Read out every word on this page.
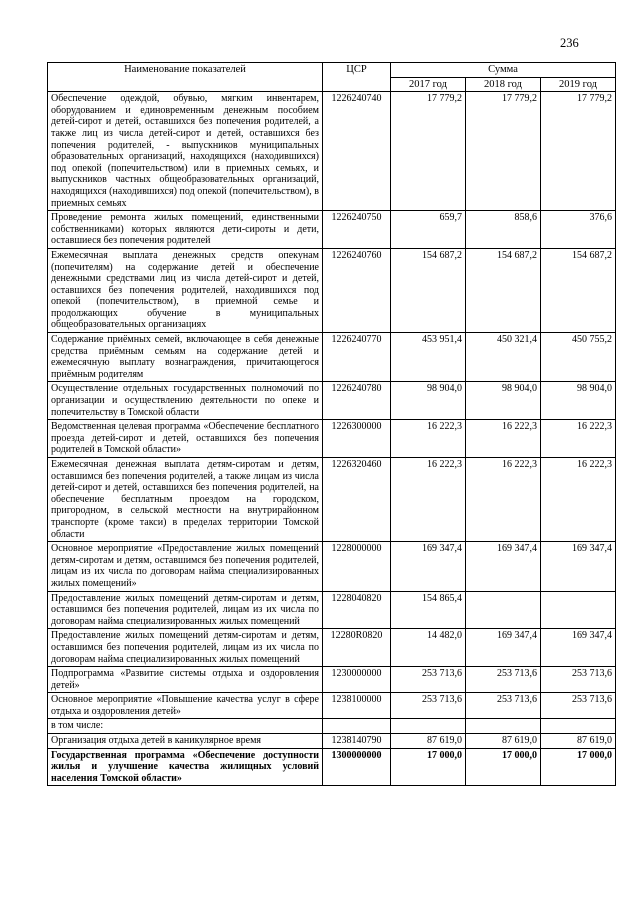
236
Наименование показателей	ЦСР	Сумма		
		2017 год	2018 год	2019 год
Обеспечение одеждой, обувью, мягким инвентарем, оборудованием и единовременным денежным пособием детей-сирот и детей, оставшихся без попечения родителей, а также лиц из числа детей-сирот и детей, оставшихся без попечения родителей, - выпускников муниципальных образовательных организаций, находящихся (находившихся) под опекой (попечительством) или в приемных семьях, и выпускников частных общеобразовательных организаций, находящихся (находившихся) под опекой (попечительством), в приемных семьях	1226240740	17 779,2	17 779,2	17 779,2
Проведение ремонта жилых помещений, единственными собственниками) которых являются дети-сироты и дети, оставшиеся без попечения родителей	1226240750	659,7	858,6	376,6
Ежемесячная выплата денежных средств опекунам (попечителям) на содержание детей и обеспечение денежными средствами лиц из числа детей-сирот и детей, оставшихся без попечения родителей, находившихся под опекой (попечительством), в приемной семье и продолжающих обучение в муниципальных общеобразовательных организациях	1226240760	154 687,2	154 687,2	154 687,2
Содержание приёмных семей, включающее в себя денежные средства приёмным семьям на содержание детей и ежемесячную выплату вознаграждения, причитающегося приёмным родителям	1226240770	453 951,4	450 321,4	450 755,2
Осуществление отдельных государственных полномочий по организации и осуществлению деятельности по опеке и попечительству в Томской области	1226240780	98 904,0	98 904,0	98 904,0
Ведомственная целевая программа «Обеспечение бесплатного проезда детей-сирот и детей, оставшихся без попечения родителей в Томской области»	1226300000	16 222,3	16 222,3	16 222,3
Ежемесячная денежная выплата детям-сиротам и детям, оставшимся без попечения родителей, а также лицам из числа детей-сирот и детей, оставшихся без попечения родителей, на обеспечение бесплатным проездом на городском, пригородном, в сельской местности на внутрирайонном транспорте (кроме такси) в пределах территории Томской области	1226320460	16 222,3	16 222,3	16 222,3
Основное мероприятие «Предоставление жилых помещений детям-сиротам и детям, оставшимся без попечения родителей, лицам из их числа по договорам найма специализированных жилых помещений»	1228000000	169 347,4	169 347,4	169 347,4
Предоставление жилых помещений детям-сиротам и детям, оставшимся без попечения родителей, лицам из их числа по договорам найма специализированных жилых помещений	1228040820	154 865,4		
Предоставление жилых помещений детям-сиротам и детям, оставшимся без попечения родителей, лицам из их числа по договорам найма специализированных жилых помещений	12280R0820	14 482,0	169 347,4	169 347,4
Подпрограмма «Развитие системы отдыха и оздоровления детей»	1230000000	253 713,6	253 713,6	253 713,6
Основное мероприятие «Повышение качества услуг в сфере отдыха и оздоровления детей»	1238100000	253 713,6	253 713,6	253 713,6
в том числе:				
Организация отдыха детей в каникулярное время	1238140790	87 619,0	87 619,0	87 619,0
Государственная программа «Обеспечение доступности жилья и улучшение качества жилищных условий населения Томской области»	1300000000	17 000,0	17 000,0	17 000,0
